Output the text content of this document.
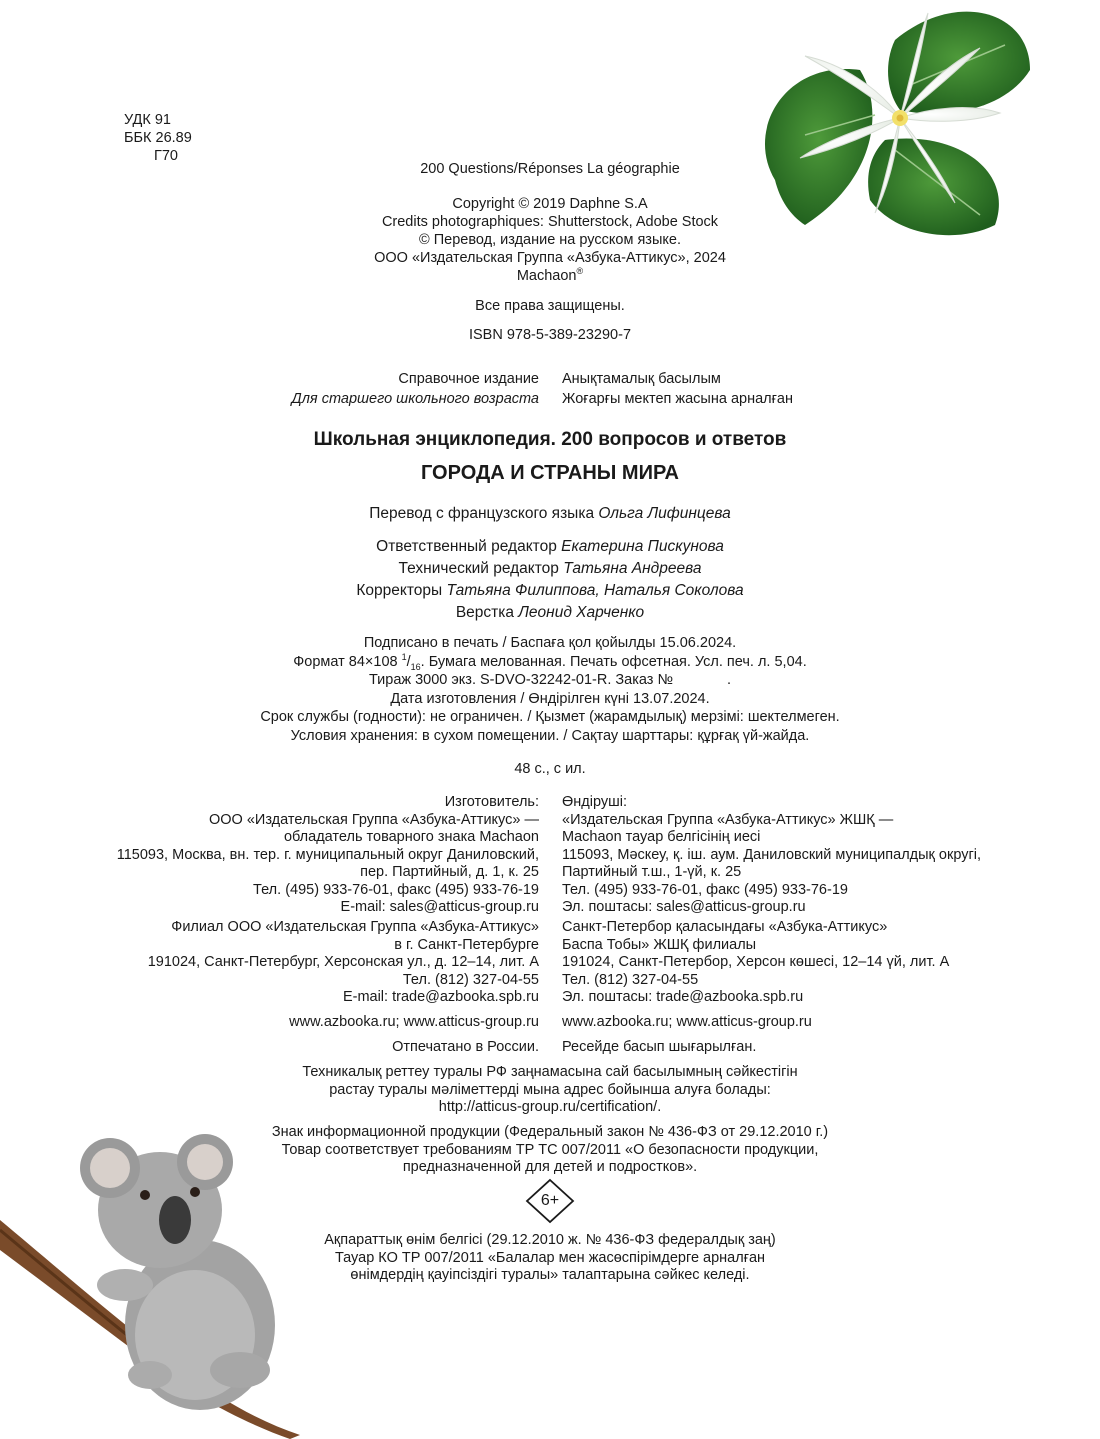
УДК 91
ББК 26.89
Г70
200 Questions/Réponses La géographie
Copyright © 2019 Daphne S.A
Credits photographiques: Shutterstock, Adobe Stock
© Перевод, издание на русском языке.
ООО «Издательская Группа «Азбука-Аттикус», 2024
Machaon®
Все права защищены.
ISBN 978-5-389-23290-7
Справочное издание Анықтамалық басылым
Для старшего школьного возраста Жоғарғы мектеп жасына арналған
Школьная энциклопедия. 200 вопросов и ответов
ГОРОДА И СТРАНЫ МИРА
Перевод с французского языка Ольга Лифинцева
Ответственный редактор Екатерина Пискунова
Технический редактор Татьяна Андреева
Корректоры Татьяна Филиппова, Наталья Соколова
Верстка Леонид Харченко
Подписано в печать / Баспаға қол қойылды 15.06.2024.
Формат 84×108 $^1/_{16}$. Бумага мелованная. Печать офсетная. Усл. печ. л. 5,04.
Тираж 3000 экз. S-DVO-32242-01-R. Заказ №	.
Дата изготовления / Өндірілген күні 13.07.2024.
Срок службы (годности): не ограничен. / Қызмет (жарамдылық) мерзімі: шектелмеген.
Условия хранения: в сухом помещении. / Сақтау шарттары: құрғақ үй-жайда.
48 с., с ил.
Изготовитель:
ООО «Издательская Группа «Азбука-Аттикус» —
обладатель товарного знака Machaon
115093, Москва, вн. тер. г. муниципальный округ Даниловский,
пер. Партийный, д. 1, к. 25
Тел. (495) 933-76-01, факс (495) 933-76-19
E-mail: sales@atticus-group.ru
Өндіруші:
«Издательская Группа «Азбука-Аттикус» ЖШҚ —
Machaon тауар белгісінің иесі
115093, Мәскеу, қ. іш. аум. Даниловский муниципалдық округі,
Партийный т.ш., 1-үй, к. 25
Тел. (495) 933-76-01, факс (495) 933-76-19
Эл. поштасы: sales@atticus-group.ru
Филиал ООО «Издательская Группа «Азбука-Аттикус»
в г. Санкт-Петербурге
191024, Санкт-Петербург, Херсонская ул., д. 12–14, лит. А
Тел. (812) 327-04-55
E-mail: trade@azbooka.spb.ru
Санкт-Петербор қаласындағы «Азбука-Аттикус»
Баспа Тобы» ЖШҚ филиалы
191024, Санкт-Петербор, Херсон көшесі, 12–14 үй, лит. А
Тел. (812) 327-04-55
Эл. поштасы: trade@azbooka.spb.ru
www.azbooka.ru; www.atticus-group.ru www.azbooka.ru; www.atticus-group.ru
Отпечатано в России. Ресейде басып шығарылған.
Техникалық реттеу туралы РФ заңнамасына сай басылымның сәйкестігін
растау туралы мәліметтерді мына адрес бойынша алуға болады:
http://atticus-group.ru/certification/.
Знак информационной продукции (Федеральный закон № 436-ФЗ от 29.12.2010 г.)
Товар соответствует требованиям ТР ТС 007/2011 «О безопасности продукции,
предназначенной для детей и подростков».
6+
Ақпараттық өнім белгісі (29.12.2010 ж. № 436-ФЗ федералдық заң)
Тауар КО ТР 007/2011 «Балалар мен жасөспірімдерге арналған
өнімдердің қауіпсіздігі туралы» талаптарына сәйкес келеді.
